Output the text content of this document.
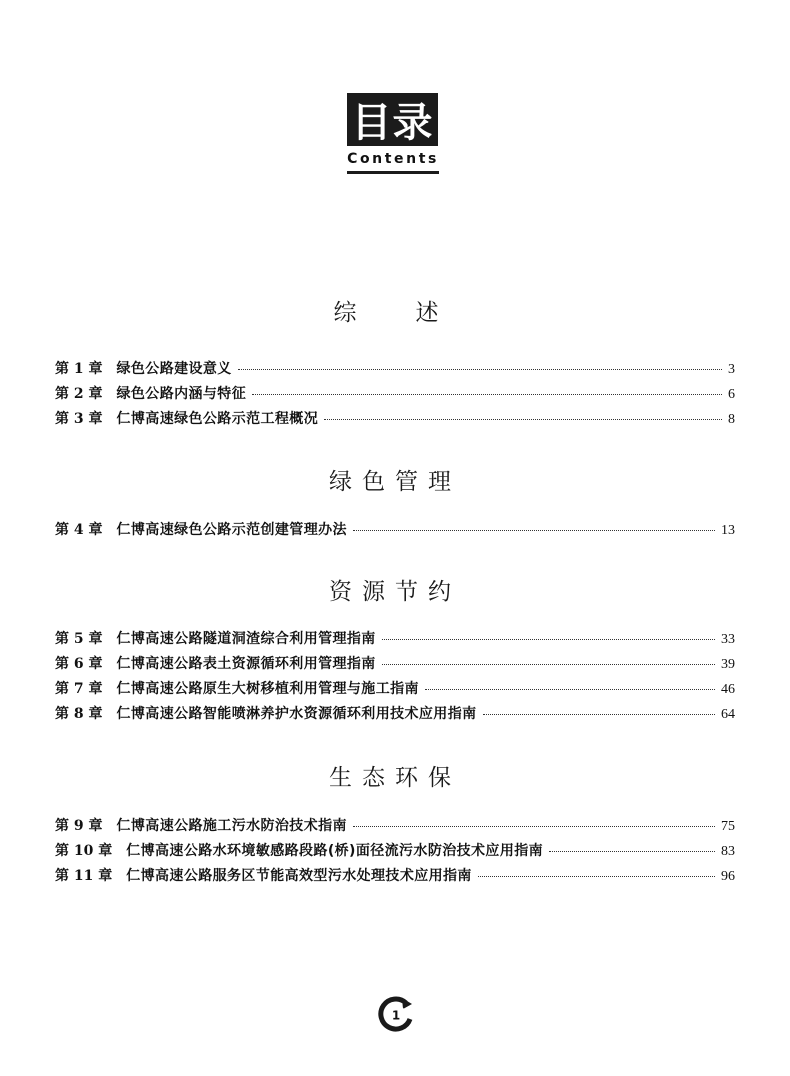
目录
Contents
综　述
第 1 章 绿色公路建设意义	3
第 2 章 绿色公路内涵与特征	6
第 3 章 仁博高速绿色公路示范工程概况	8
绿色管理
第 4 章 仁博高速绿色公路示范创建管理办法	13
资源节约
第 5 章 仁博高速公路隧道洞渣综合利用管理指南	33
第 6 章 仁博高速公路表土资源循环利用管理指南	39
第 7 章 仁博高速公路原生大树移植利用管理与施工指南	46
第 8 章 仁博高速公路智能喷淋养护水资源循环利用技术应用指南	64
生态环保
第 9 章 仁博高速公路施工污水防治技术指南	75
第 10 章 仁博高速公路水环境敏感路段路(桥)面径流污水防治技术应用指南	83
第 11 章 仁博高速公路服务区节能高效型污水处理技术应用指南	96
1
